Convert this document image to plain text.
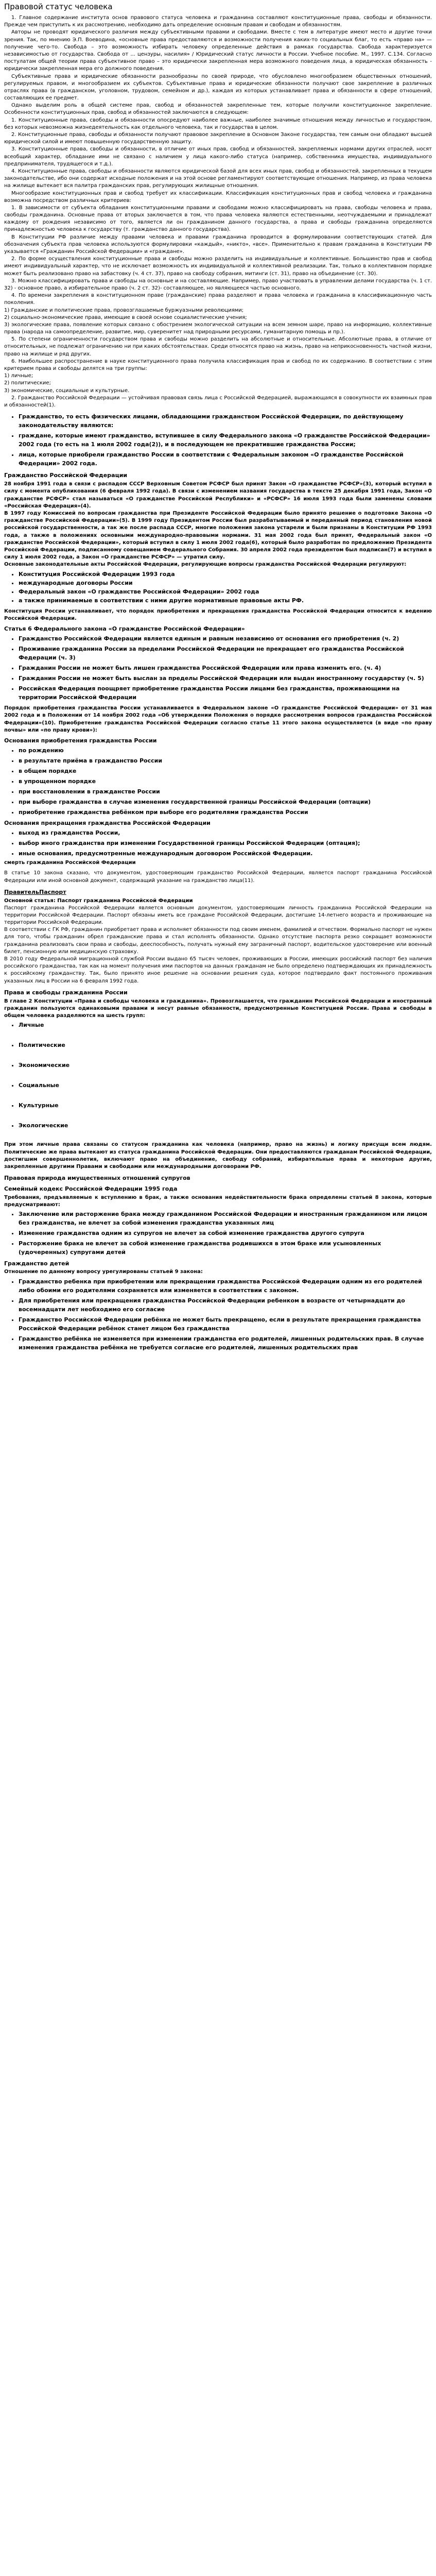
Правовой статус человека

1. Главное содержание института основ правового статуса человека и гражданина составляют конституционные права, свободы и обязанности. Прежде чем приступить к их рассмотрению, необходимо дать определение основным правам и свободам и обязанностям.

Авторы не проводят юридического различия между субъективными правами и свободами. Вместе с тем в литературе имеют место и другие точки зрения. Так, по мнению Э.П. Воеводина, «основные права предоставляются и возможности получения каких-то социальных благ, то есть «право на» — получение чего-то. Свобода – это возможность избирать человеку определенные действия в рамках государства. Свобода характеризуется независимостью от государства. Свобода от ... цензуры, насилия» / Юридический статус личности в России. Учебное пособие. М., 1997. С.134. Согласно постулатам общей теории права субъективное право – это юридически закрепленная мера возможного поведения лица, а юридическая обязанность - юридически закрепленная мера его должного поведения.

Субъективные права и юридические обязанности разнообразны по своей природе, что обусловлено многообразием общественных отношений, регулируемых правом, и многообразием их субъектов. Субъективные права и юридические обязанности получают свое закрепление в различных отраслях права (в гражданском, уголовном, трудовом, семейном и др.), каждая из которых устанавливает права и обязанности в сфере отношений, составляющих ее предмет.

Однако выделим роль в общей системе прав, свобод и обязанностей закрепленные тем, которые получили конституционное закрепление. Особенности конституционных прав, свобод и обязанностей заключаются в следующем:

1. Конституционные права, свободы и обязанности опосредуют наиболее важные, наиболее значимые отношения между личностью и государством, без которых невозможна жизнедеятельность как отдельного человека, так и государства в целом.

2. Конституционные права, свободы и обязанности получают правовое закрепление в Основном Законе государства, тем самым они обладают высшей юридической силой и имеют повышенную государственную защиту.

3. Конституционные права, свободы и обязанности, в отличие от иных прав, свобод и обязанностей, закрепляемых нормами других отраслей, носят всеобщий характер, обладание ими не связано с наличием у лица какого-либо статуса (например, собственника имущества, индивидуального предпринимателя, трудящегося и т.д.).

4. Конституционные права, свободы и обязанности являются юридической базой для всех иных прав, свобод и обязанностей, закрепленных в текущем законодательстве, ибо они содержат исходные положения и на этой основе регламентируют соответствующие отношения. Например, из права человека на жилище вытекает вся палитра гражданских прав, регулирующих жилищные отношения.

Многообразие конституционных прав и свобод требует их классификации. Классификация конституционных прав и свобод человека и гражданина возможна посредством различных критериев:

1. В зависимости от субъекта обладания конституционными правами и свободами можно классифицировать на права, свободы человека и права, свободы гражданина. Основные права от вторых заключается в том, что права человека являются естественными, неотчуждаемыми и принадлежат каждому от рождения независимо от того, является ли он гражданином данного государства, а права и свободы гражданина определяются принадлежностью человека к государству (т. гражданство данного государства).

В Конституции РФ различие между правами человека и правами гражданина проводится в формулировании соответствующих статей. Для обозначения субъекта прав человека используются формулировки «каждый», «никто», «все». Применительно к правам гражданина в Конституции РФ указывается «Гражданин Российской Федерации» и «граждане».

2. По форме осуществления конституционные права и свободы можно разделить на индивидуальные и коллективные. Большинство прав и свобод имеют индивидуальный характер, что не исключает возможность их индивидуальной и коллективной реализации. Так, только в коллективном порядке может быть реализовано право на забастовку (ч. 4 ст. 37), право на свободу собрания, митинги (ст. 31), право на объединение (ст. 30).

3. Можно классифицировать права и свободы на основные и на составляющие. Например, право участвовать в управлении делами государства (ч. 1 ст. 32) - основное право, а избирательное право (ч. 2 ст. 32)- составляющее, но являющееся частью основного.

4. По времени закрепления в конституционном праве (гражданские) права разделяют и права человека и гражданина в классификационную часть поколения.

1) Гражданские и политические права, провозглашаемые буржуазными революциями;

2) социально-экономические права, имеющие в своей основе социалистические учения;

3) экологические права, появление которых связано с обострением экологической ситуации на всем земном шаре, право на информацию, коллективные права (народа на самоопределение, развитие, мир, суверенитет над природными ресурсами, гуманитарную помощь и пр.).

5. По степени ограниченности государством права и свободы можно разделить на абсолютные и относительные. Абсолютные права, в отличие от относительных, не подлежат ограничению ни при каких обстоятельствах. Среди относятся право на жизнь, право на неприкосновенность частной жизни, право на жилище и ряд других.

6. Наибольшее распространение в науке конституционного права получила классификация прав и свобод по их содержанию. В соответствии с этим критерием права и свободы делятся на три группы:

1) личные;

2) политические;

3) экономические, социальные и культурные.

2. Гражданство Российской Федерации — устойчивая правовая связь лица с Российской Федерацией, выражающаяся в совокупности их взаимных прав и обязанностей(1).

• Гражданство, то есть физических лицами, обладающими гражданством Российской Федерации, по действующему законодательству являются:
• граждане, которые имеют гражданство, вступившее в силу Федерального закона «О гражданстве Российской Федерации» 2002 года (то есть на 1 июля 2002 года(2)), и в последующем не прекратившие гражданства России;
• лица, которые приобрели гражданство России в соответствии с Федеральным законом «О гражданстве Российской Федерации» 2002 года.
Гражданство Российской Федерации

28 ноября 1991 года в связи с распадом СССР Верховным Советом РСФСР был принят Закон «О гражданстве РСФСР»(3), который вступил в силу с момента опубликования (6 февраля 1992 года). В связи с изменением названия государства в тексте 25 декабря 1991 года, Закон «О гражданстве РСФСР» стал называться «О гражданстве Российской Республики» и «РСФСР» 16 июля 1993 года были заменены словами «Российская Федерация»(4).

В 1997 году Комиссией по вопросам гражданства при Президенте Российской Федерации было принято решение о подготовке Закона «О гражданстве Российской Федерации»(5). В 1999 году Президентом России был разрабатываемый и переданный период становления новой российской государственности, а так же после распада СССР, многие положения закона устарели и были признаны в Конституции РФ 1993 года, а также в положениях основными международно-правовыми нормами. 31 мая 2002 года был принят, Федеральный закон «О гражданстве Российской Федерации», который вступил в силу 1 июля 2002 года(6), который было разработан по предложению Президента Российской Федерации, подписанному совещанием Федерального Собрания. 30 апреля 2002 года президентом был подписан(7) и вступил в силу 1 июля 2002 года, а Закон «О гражданстве РСФСР» — утратил силу.

Основные законодательные акты Российской Федерации, регулирующие вопросы гражданства Российской Федерации регулируют:

• Конституция Российской Федерации 1993 года
• международные договоры России
• Федеральный закон «О гражданстве Российской Федерации» 2002 года
• а также принимаемые в соответствии с ними другие нормативные правовые акты РФ.

Конституция России устанавливает, что порядок приобретения и прекращения гражданства Российской Федерации относится к ведению Российской Федерации.

Статья 6 Федерального закона «О гражданстве Российской Федерации»
• Гражданство Российской Федерации является единым и равным независимо от основания его приобретения (ч. 2)
• Проживание гражданина России за пределами Российской Федерации не прекращает его гражданства Российской Федерации (ч. 3)
• Гражданин России не может быть лишен гражданства Российской Федерации или права изменить его. (ч. 4)
• Гражданин России не может быть выслан за пределы Российской Федерации или выдан иностранному государству (ч. 5)
• Российская Федерация поощряет приобретение гражданства России лицами без гражданства, проживающими на территории Российской Федерации

Порядок приобретения гражданства России устанавливается в Федеральном законе «О гражданстве Российской Федерации» от 31 мая 2002 года и в Положении от 14 ноября 2002 года «Об утверждении Положения о порядке рассмотрения вопросов гражданства Российской Федерации»(10). Приобретение гражданства Российской Федерации согласно статье 11 этого закона осуществляется (в виде «по праву почвы» или «по праву крови»):

Основания приобретения гражданства России
• по рождению
• в результате приёма в гражданство России
• в общем порядке
• в упрощенном порядке
• при восстановлении в гражданстве России
• при выборе гражданства в случае изменения государственной границы Российской Федерации (оптации)
• приобретение гражданства ребёнком при выборе его родителями гражданства России
Основания прекращения гражданства Российской Федерации
• выход из гражданства России,
• выбор иного гражданства при изменении Государственной границы Российской Федерации (оптация);
• иные основания, предусмотренные международным договором Российской Федерации.

смерть гражданина Российской Федерации

В статье 10 закона сказано, что документом, удостоверяющим гражданство Российской Федерации, является паспорт гражданина Российской Федерации или иной основной документ, содержащий указание на гражданство лица(11).

ПравительПаспорт

Основной статья: Паспорт гражданина Российской Федерации

Паспорт гражданина Российской Федерации является основным документом, удостоверяющим личность гражданина Российской Федерации на территории Российской Федерации. Паспорт обязаны иметь все граждане Российской Федерации, достигшие 14-летнего возраста и проживающие на территории Российской Федерации.

В соответствии с ГК РФ, гражданин приобретает права и исполняет обязанности под своим именем, фамилией и отчеством. Формально паспорт не нужен для того, чтобы гражданин обрел гражданские права и стал исполнять обязанности. Однако отсутствие паспорта резко сокращает возможности гражданина реализовать свои права и свободы, дееспособность, получать нужный ему заграничный паспорт, водительское удостоверение или военный билет, пенсионную или медицинскую страховку.

В 2010 году Федеральной миграционной службой России выдано 65 тысяч человек, проживающих в России, имеющих российский паспорт без наличия российского гражданства, так как на момент получения ими паспортов на данных гражданам не было определено подтверждающих их принадлежность к российскому гражданству. Так, было принято иное решение на основании решения суда, которое подтвердило факт постоянного проживания указанных лиц в России на 6 февраля 1992 года.

Права и свободы гражданина России

В главе 2 Конституции «Права и свободы человека и гражданина». Провозглашается, что гражданин Российской Федерации и иностранный гражданин пользуются одинаковыми правами и несут равные обязанности, предусмотренные Конституцией России. Права и свободы в общем человека разделяются на шесть групп:

• Личные
• Политические
• Экономические
• Социальные
• Культурные
• Экологические

При этом личные права связаны со статусом гражданина как человека (например, право на жизнь) и логику присущи всем людям. Политические же права вытекают из статуса гражданина Российской Федерации. Они предоставляются гражданам Российской Федерации, достигшим совершеннолетия, включают право на объединение, свободу собраний, избирательные права и некоторые другие, закрепленные другими Правами и свободами или международными договорами РФ.

Правовая природа имущественных отношений супругов
Семейный кодекс Российской Федерации 1995 года

Требования, предъявляемые к вступлению в брак, а также основания недействительности брака определены статьей 8 закона, которые предусматривают:

• Заключение или расторжение брака между гражданином Российской Федерации и иностранным гражданином или лицом без гражданства, не влечет за собой изменения гражданства указанных лиц
• Изменение гражданства одним из супругов не влечет за собой изменение гражданства другого супруга
• Расторжение брака не влечет за собой изменение гражданства родившихся в этом браке или усыновленных (удочеренных) супругами детей
Гражданство детей

Отношение по данному вопросу урегулированы статьей 9 закона:

• Гражданство ребенка при приобретении или прекращении гражданства Российской Федерации одним из его родителей либо обоими его родителями сохраняется или изменяется в соответствии с законом.
• Для приобретения или прекращения гражданства Российской Федерации ребенком в возрасте от четырнадцати до восемнадцати лет необходимо его согласие
• Гражданство Российской Федерации ребёнка не может быть прекращено, если в результате прекращения гражданства Российской Федерации ребёнок станет лицом без гражданства
• Гражданство ребёнка не изменяется при изменении гражданства его родителей, лишенных родительских прав. В случае изменения гражданства ребёнка не требуется согласие его родителей, лишенных родительских прав
